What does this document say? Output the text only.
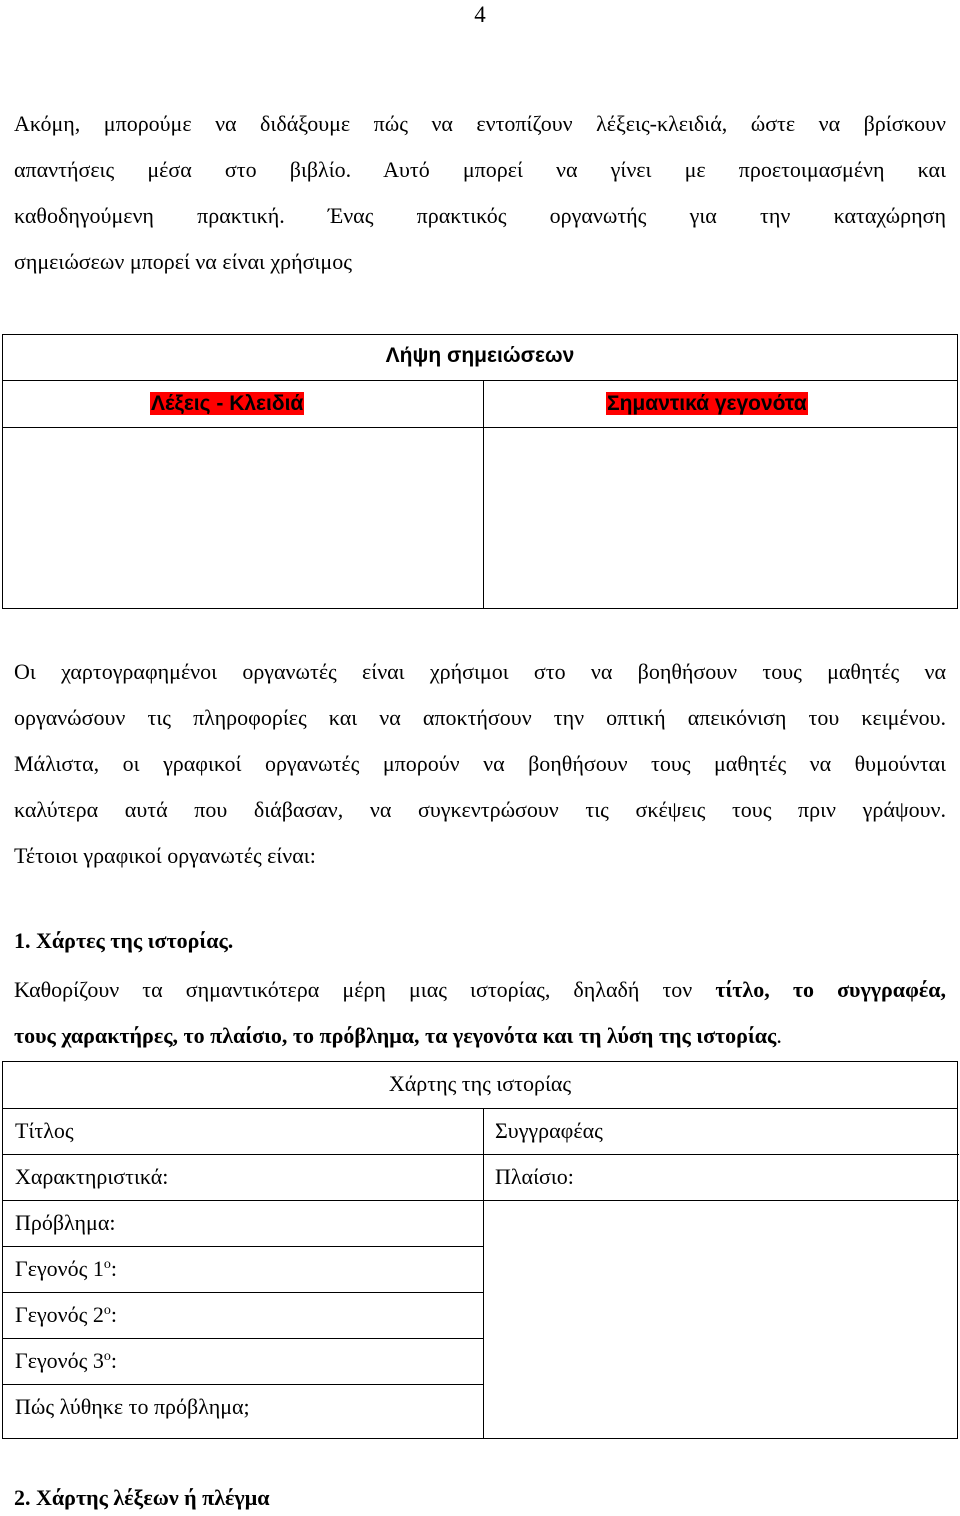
4
Ακόμη, μπορούμε να διδάξουμε πώς να εντοπίζουν λέξεις-κλειδιά, ώστε να βρίσκουν
απαντήσεις μέσα στο βιβλίο. Αυτό μπορεί να γίνει με προετοιμασμένη και
καθοδηγούμενη πρακτική. Ένας πρακτικός οργανωτής για την καταχώρηση
σημειώσεων μπορεί να είναι χρήσιμος
Λήψη σημειώσεων
Λέξεις - Κλειδιά	Σημαντικά γεγονότα
Οι χαρτογραφημένοι οργανωτές είναι χρήσιμοι στο να βοηθήσουν τους μαθητές να
οργανώσουν τις πληροφορίες και να αποκτήσουν την οπτική απεικόνιση του κειμένου.
Μάλιστα, οι γραφικοί οργανωτές μπορούν να βοηθήσουν τους μαθητές να θυμούνται
καλύτερα αυτά που διάβασαν, να συγκεντρώσουν τις σκέψεις τους πριν γράψουν.
Τέτοιοι γραφικοί οργανωτές είναι:
1. Χάρτες της ιστορίας.
Καθορίζουν τα σημαντικότερα μέρη μιας ιστορίας, δηλαδή τον τίτλο, το συγγραφέα,
τους χαρακτήρες, το πλαίσιο, το πρόβλημα, τα γεγονότα και τη λύση της ιστορίας.
Χάρτης της ιστορίας
Τίτλος
Χαρακτηριστικά:
Πρόβλημα:
Γεγονός $1^o$:
Γεγονός $2^o$:
Γεγονός $3^o$:
Πώς λύθηκε το πρόβλημα;
Συγγραφέας
Πλαίσιο:
2. Χάρτης λέξεων ή πλέγμα
